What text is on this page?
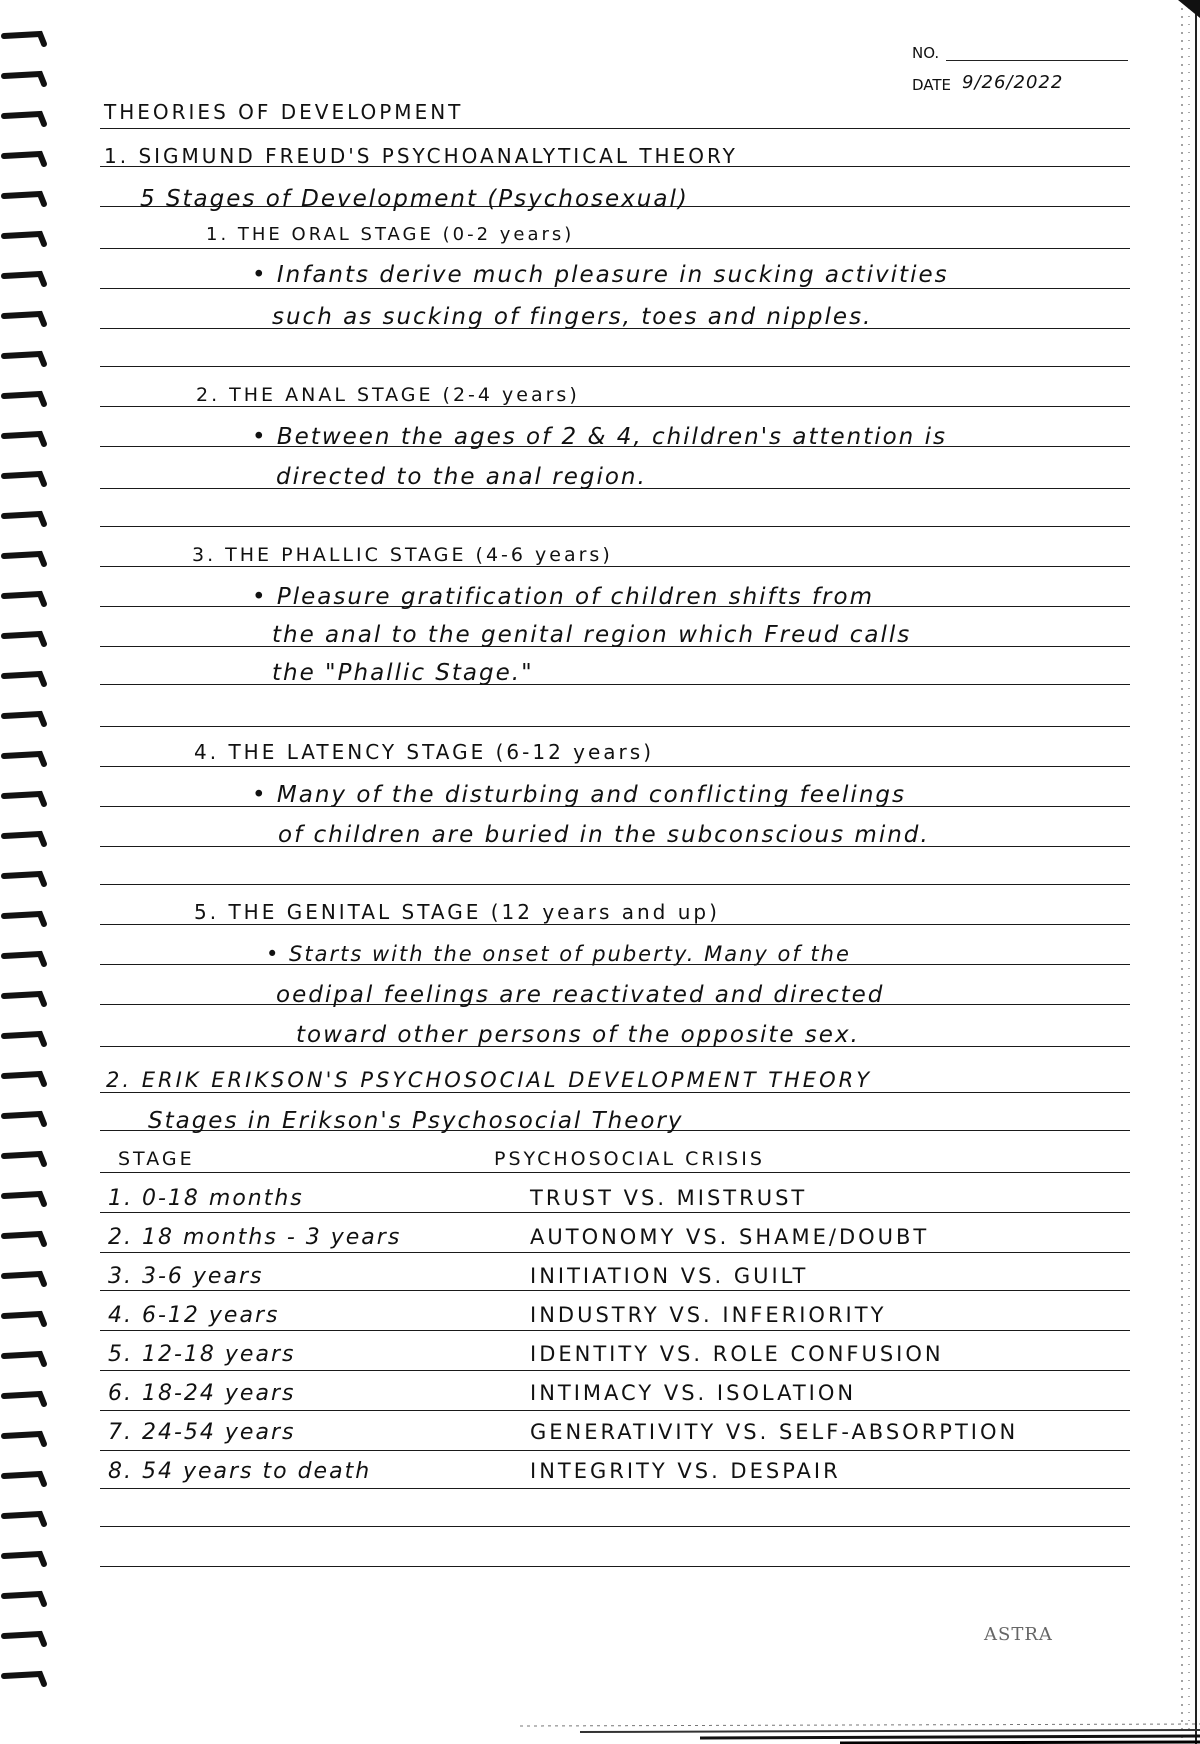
NO.
DATE 9/26/2022
THEORIES OF DEVELOPMENT
1. SIGMUND FREUD'S PSYCHOANALYTICAL THEORY
5 Stages of Development (Psychosexual)
1. THE ORAL STAGE (0-2 years)
• Infants derive much pleasure in sucking activities
such as sucking of fingers, toes and nipples.
2. THE ANAL STAGE (2-4 years)
• Between the ages of 2 & 4, children's attention is
directed to the anal region.
3. THE PHALLIC STAGE (4-6 years)
• Pleasure gratification of children shifts from
the anal to the genital region which Freud calls
the "Phallic Stage."
4. THE LATENCY STAGE (6-12 years)
• Many of the disturbing and conflicting feelings
of children are buried in the subconscious mind.
5. THE GENITAL STAGE (12 years and up)
• Starts with the onset of puberty. Many of the
oedipal feelings are reactivated and directed
toward other persons of the opposite sex.
2. ERIK ERIKSON'S PSYCHOSOCIAL DEVELOPMENT THEORY
Stages in Erikson's Psychosocial Theory
STAGE	PSYCHOSOCIAL CRISIS
1. 0-18 months	TRUST VS. MISTRUST
2. 18 months - 3 years	AUTONOMY VS. SHAME/DOUBT
3. 3-6 years	INITIATION VS. GUILT
4. 6-12 years	INDUSTRY VS. INFERIORITY
5. 12-18 years	IDENTITY VS. ROLE CONFUSION
6. 18-24 years	INTIMACY VS. ISOLATION
7. 24-54 years	GENERATIVITY VS. SELF-ABSORPTION
8. 54 years to death	INTEGRITY VS. DESPAIR
ASTRA
